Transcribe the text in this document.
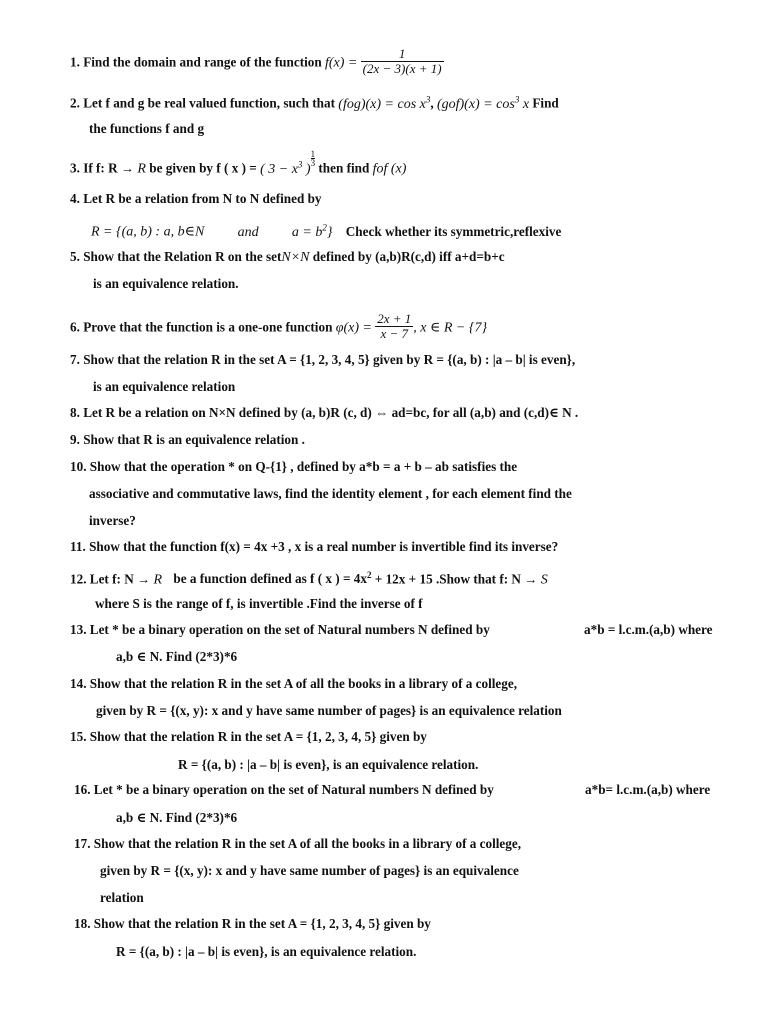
1. Find the domain and range of the function $f(x) = \frac{1}{(2x - 3)(x + 1)}$
2. Let f and g be real valued function, such that $(fog)(x) = \cos x^3$, $(gof)(x) = \cos^3 x$ Find
the functions f and g
3. If f: R → R be given by f ( x ) = ( $3 - x^3$ )
$\frac{1}{3}$
then find fof (x)
4. Let R be a relation from N to N defined by
R = {(a, b) : a, b∈N and $a = b^2$} Check whether its symmetric,reflexive
5. Show that the Relation R on the setN×N defined by (a,b)R(c,d) iff a+d=b+c
is an equivalence relation.
6. Prove that the function is a one-one function $\varphi(x) = \frac{2x + 1}{x - 7}$ , x ∈ R − {7}
7. Show that the relation R in the set A = {1, 2, 3, 4, 5} given by R = {(a, b) : |a – b| is even},
is an equivalence relation
8. Let R be a relation on N×N defined by (a, b)R (c, d) ⇔ ad=bc, for all (a,b) and (c,d)∈ N .
9. Show that R is an equivalence relation .
10. Show that the operation * on Q-{1} , defined by a*b = a + b – ab satisfies the
associative and commutative laws, find the identity element , for each element find the
inverse?
11. Show that the function f(x) = 4x +3 , x is a real number is invertible find its inverse?
12. Let f: N → R be a function defined as f ( x ) = $4x^2 + 12x + 15$ .Show that f: N → S
where S is the range of f, is invertible .Find the inverse of f
13. Let * be a binary operation on the set of Natural numbers N defined by	a*b = l.c.m.(a,b) where
a,b ∈ N. Find (2*3)*6
14. Show that the relation R in the set A of all the books in a library of a college,
given by R = {(x, y): x and y have same number of pages} is an equivalence relation
15. Show that the relation R in the set A = {1, 2, 3, 4, 5} given by
R = {(a, b) : |a – b| is even}, is an equivalence relation.
16. Let * be a binary operation on the set of Natural numbers N defined by	a*b= l.c.m.(a,b) where
a,b ∈ N. Find (2*3)*6
17. Show that the relation R in the set A of all the books in a library of a college,
given by R = {(x, y): x and y have same number of pages} is an equivalence
relation
18. Show that the relation R in the set A = {1, 2, 3, 4, 5} given by
R = {(a, b) : |a – b| is even}, is an equivalence relation.
